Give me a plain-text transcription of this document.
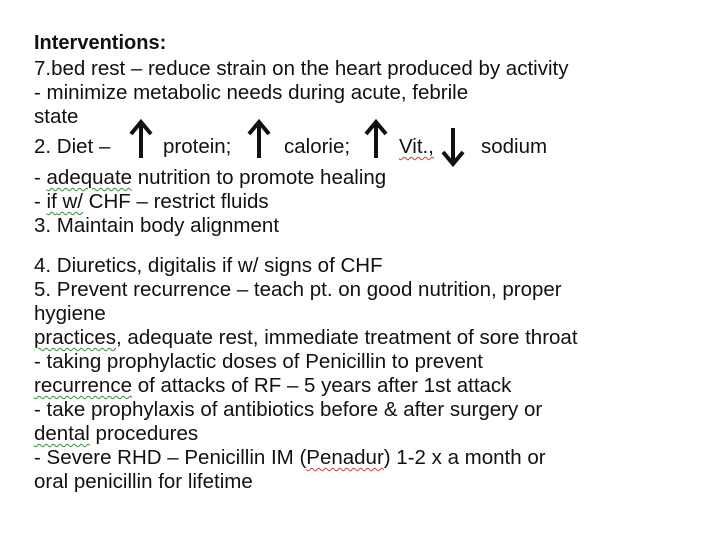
Interventions:
7.bed rest – reduce strain on the heart produced by activity
- minimize metabolic needs during acute, febrile
state
2. Diet –	protein;	calorie; Vit., sodium
- adequate nutrition to promote healing
- if w/ CHF – restrict fluids
3. Maintain body alignment
4. Diuretics, digitalis if w/ signs of CHF
5. Prevent recurrence – teach pt. on good nutrition, proper
hygiene
practices, adequate rest, immediate treatment of sore throat
- taking prophylactic doses of Penicillin to prevent
recurrence of attacks of RF – 5 years after 1st attack
- take prophylaxis of antibiotics before & after surgery or
dental procedures
- Severe RHD – Penicillin IM (Penadur) 1-2 x a month or
oral penicillin for lifetime
